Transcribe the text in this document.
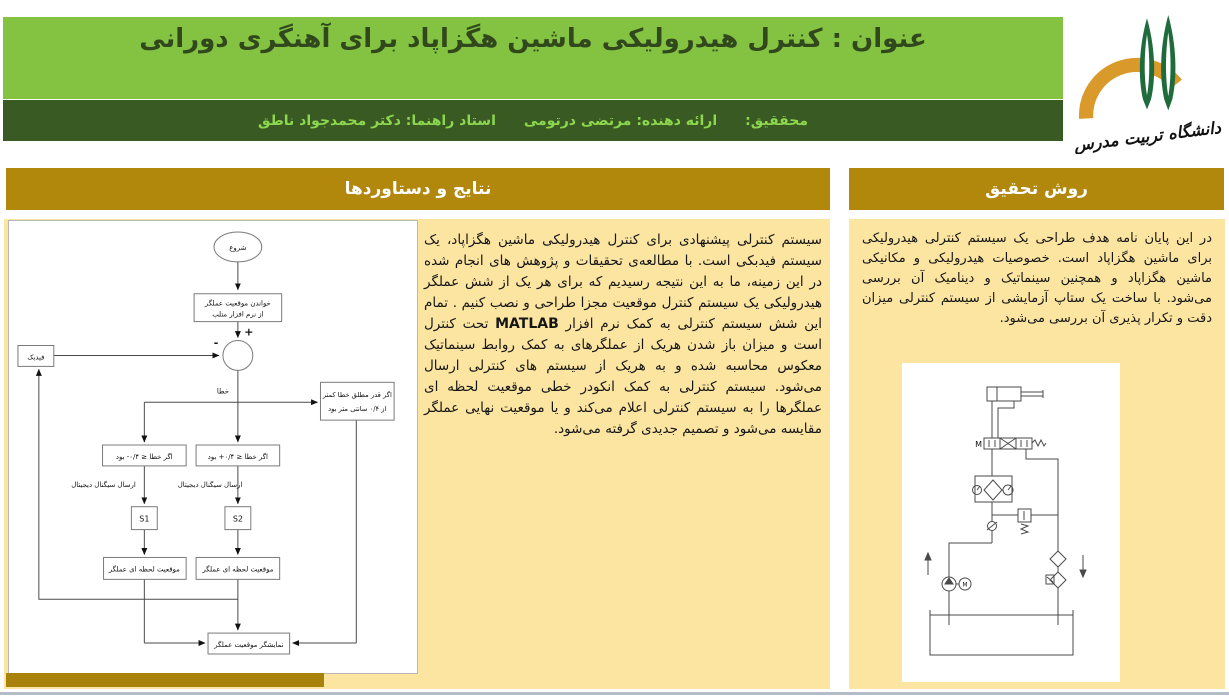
عنوان : کنترل هیدرولیکی ماشین هگزاپاد برای آهنگری دورانی
محققیق:
ارائه دهنده: مرتضی درتومی
استاد راهنما: دکتر محمدجواد ناطق	دانشگاه تربیت مدرس
نتایج و دستاوردها	روش تحقیق
شروع
خواندن موقعیت عملگر
از نرم افزار متلب
+
-
فیدبک
خطا	اگر قدر مطلق خطا کمتر
از ۰/۴ سانتی متر بود
اگر خطا ≤ ۰/۴- بود	اگر خطا ≤ ۰/۴+ بود
ارسال سیگنال دیجیتال	ارسال سیگنال دیجیتال
S1	S2
موقعیت لحظه ای عملگر	موقعیت لحظه ای عملگر
نمایشگر موقعیت عملگر
سیستم کنترلی پیشنهادی برای کنترل هیدرولیکی ماشین هگزاپاد، یک سیستم فیدبکی است. با مطالعه‌ی تحقیقات و پژوهش های انجام شده در این زمینه، ما به این نتیجه رسیدیم که برای هر یک از شش عملگر هیدرولیکی یک سیستم کنترل موقعیت مجزا طراحی و نصب کنیم . تمام این شش سیستم کنترلی به کمک نرم افزار MATLAB تحت کنترل است و میزان باز شدن هریک از عملگرهای به کمک روابط سینماتیک معکوس محاسبه شده و به هریک از سیستم های کنترلی ارسال می‌شود. سیستم کنترلی به کمک انکودر خطی موقعیت لحظه ای عملگرها را به سیستم کنترلی اعلام می‌کند و یا موقعیت نهایی عملگر مقایسه می‌شود و تصمیم جدیدی گرفته می‌شود.
در این پایان نامه هدف طراحی یک سیستم کنترلی هیدرولیکی برای ماشین هگزاپاد است. خصوصیات هیدرولیکی و مکانیکی ماشین هگزاپاد و همچنین سینماتیک و دینامیک آن بررسی می‌شود. با ساخت یک ستاپ آزمایشی از سیستم کنترلی میزان دقت و تکرار پذیری آن بررسی می‌شود.
M
M
